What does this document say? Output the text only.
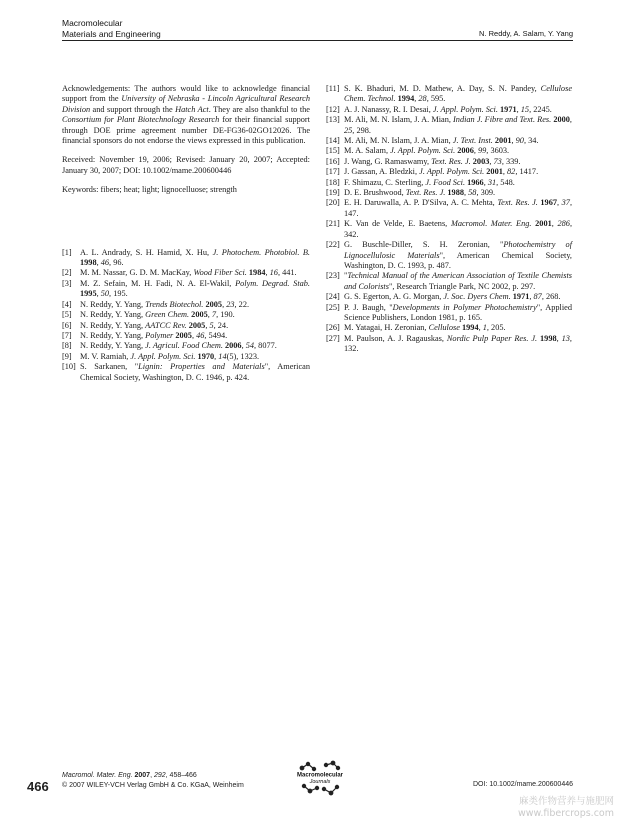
Macromolecular
Materials and Engineering	N. Reddy, A. Salam, Y. Yang
Acknowledgements: The authors would like to acknowledge financial support from the University of Nebraska - Lincoln Agricultural Research Division and support through the Hatch Act. They are also thankful to the Consortium for Plant Biotechnology Research for their financial support through DOE prime agreement number DE-FG36-02GO12026. The financial sponsors do not endorse the views expressed in this publication.
Received: November 19, 2006; Revised: January 20, 2007; Accepted: January 30, 2007; DOI: 10.1002/mame.200600446
Keywords: fibers; heat; light; lignocelluose; strength
[1] A. L. Andrady, S. H. Hamid, X. Hu, J. Photochem. Photobiol. B. 1998, 46, 96.
[2] M. M. Nassar, G. D. M. MacKay, Wood Fiber Sci. 1984, 16, 441.
[3] M. Z. Sefain, M. H. Fadi, N. A. El-Wakil, Polym. Degrad. Stab. 1995, 50, 195.
[4] N. Reddy, Y. Yang, Trends Biotechol. 2005, 23, 22.
[5] N. Reddy, Y. Yang, Green Chem. 2005, 7, 190.
[6] N. Reddy, Y. Yang, AATCC Rev. 2005, 5, 24.
[7] N. Reddy, Y. Yang, Polymer 2005, 46, 5494.
[8] N. Reddy, Y. Yang, J. Agricul. Food Chem. 2006, 54, 8077.
[9] M. V. Ramiah, J. Appl. Polym. Sci. 1970, 14(5), 1323.
[10] S. Sarkanen, "Lignin: Properties and Materials", American Chemical Society, Washington, D. C. 1946, p. 424.
[11] S. K. Bhaduri, M. D. Mathew, A. Day, S. N. Pandey, Cellulose Chem. Technol. 1994, 28, 595.
[12] A. J. Nanassy, R. I. Desai, J. Appl. Polym. Sci. 1971, 15, 2245.
[13] M. Ali, M. N. Islam, J. A. Mian, Indian J. Fibre and Text. Res. 2000, 25, 298.
[14] M. Ali, M. N. Islam, J. A. Mian, J. Text. Inst. 2001, 90, 34.
[15] M. A. Salam, J. Appl. Polym. Sci. 2006, 99, 3603.
[16] J. Wang, G. Ramaswamy, Text. Res. J. 2003, 73, 339.
[17] J. Gassan, A. Bledzki, J. Appl. Polym. Sci. 2001, 82, 1417.
[18] F. Shimazu, C. Sterling, J. Food Sci. 1966, 31, 548.
[19] D. E. Brushwood, Text. Res. J. 1988, 58, 309.
[20] E. H. Daruwalla, A. P. D'Silva, A. C. Mehta, Text. Res. J. 1967, 37, 147.
[21] K. Van de Velde, E. Baetens, Macromol. Mater. Eng. 2001, 286, 342.
[22] G. Buschle-Diller, S. H. Zeronian, "Photochemistry of Lignocellulosic Materials", American Chemical Society, Washington, D. C. 1993, p. 487.
[23] "Technical Manual of the American Association of Textile Chemists and Colorists", Research Triangle Park, NC 2002, p. 297.
[24] G. S. Egerton, A. G. Morgan, J. Soc. Dyers Chem. 1971, 87, 268.
[25] P. J. Baugh, "Developments in Polymer Photochemistry", Applied Science Publishers, London 1981, p. 165.
[26] M. Yatagai, H. Zeronian, Cellulose 1994, 1, 205.
[27] M. Paulson, A. J. Ragauskas, Nordic Pulp Paper Res. J. 1998, 13, 132.
466
Macromol. Mater. Eng. 2007, 292, 458–466
© 2007 WILEY-VCH Verlag GmbH & Co. KGaA, Weinheim
Macromolecular
Journals	DOI: 10.1002/mame.200600446
麻类作物营养与施肥网
www.fibercrops.com
